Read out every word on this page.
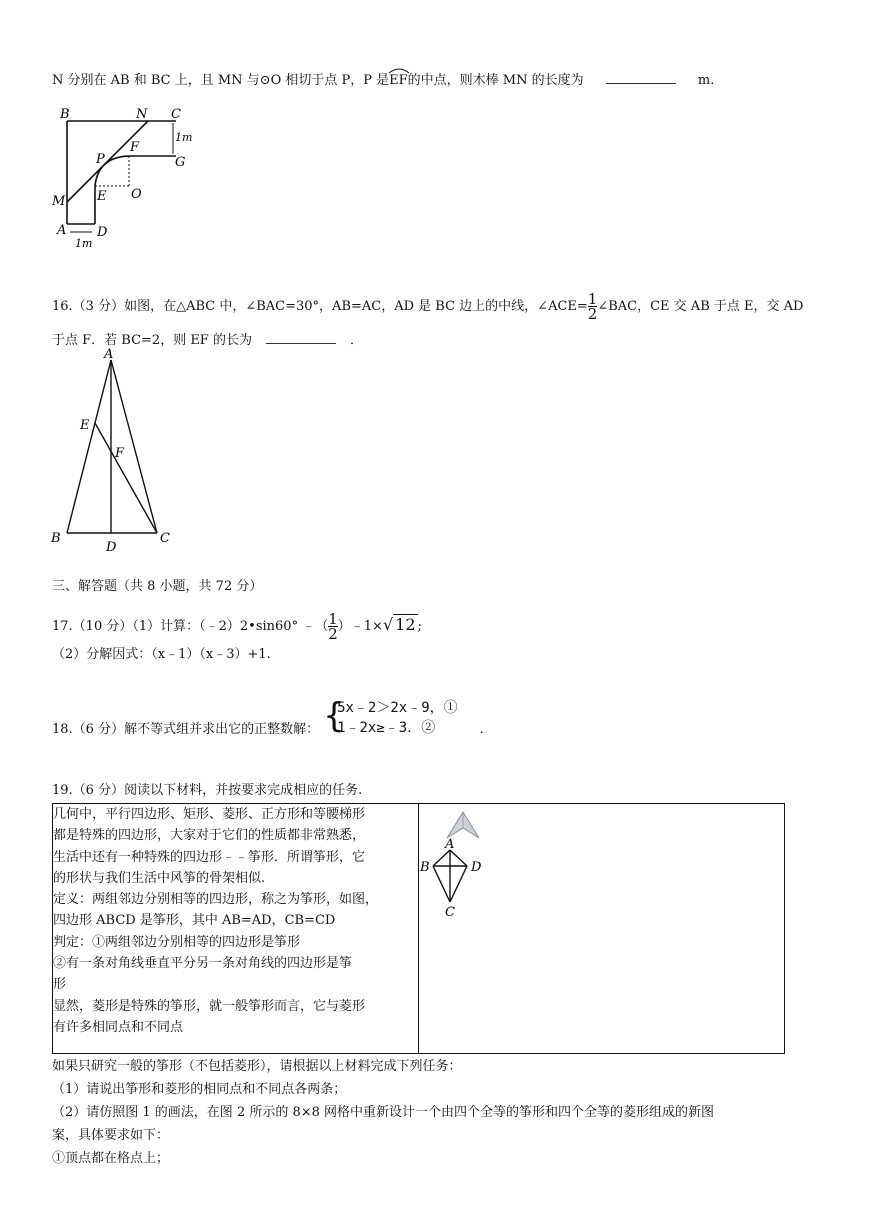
N 分别在 AB 和 BC 上，且 MN 与⊙O 相切于点 P，P 是
EF的中点，则木棒 MN 的长度为	m.
B	N C
1m
P
F
G
M E O
A D
1m
16.（3 分）如图，在△ABC 中，∠BAC=30°，AB=AC，AD 是 BC 边上的中线，∠ACE= $\frac{1}{2}$ ∠BAC，CE 交 AB 于点 E，交 AD
于点 F．若 BC=2，则 EF 的长为	．
A
E
F
B
D
C
三、解答题（共 8 小题，共 72 分）
17.（10 分）（1）计算：（﹣2）2•sin60° ﹣（ $\frac{1}{2}$ ）﹣1×√ 12 ;
（2）分解因式：（x﹣1）（x﹣3）+1.
18.（6 分）解不等式组并求出它的正整数解： {
5x﹣2＞2x﹣9，①
1﹣2x≥﹣3．②	．
19.（6 分）阅读以下材料，并按要求完成相应的任务.
几何中，平行四边形、矩形、菱形、正方形和等腰梯形
都是特殊的四边形，大家对于它们的性质都非常熟悉，
生活中还有一种特殊的四边形﹣﹣筝形．所谓筝形，它
的形状与我们生活中风筝的骨架相似.
定义：两组邻边分别相等的四边形，称之为筝形，如图，
四边形 ABCD 是筝形，其中 AB=AD，CB=CD
判定：①两组邻边分别相等的四边形是筝形
②有一条对角线垂直平分另一条对角线的四边形是筝
形
显然，菱形是特殊的筝形，就一般筝形而言，它与菱形
有许多相同点和不同点

A
B	D
C
如果只研究一般的筝形（不包括菱形），请根据以上材料完成下列任务：
（1）请说出筝形和菱形的相同点和不同点各两条；
（2）请仿照图 1 的画法，在图 2 所示的 8×8 网格中重新设计一个由四个全等的筝形和四个全等的菱形组成的新图
案，具体要求如下：
①顶点都在格点上；
